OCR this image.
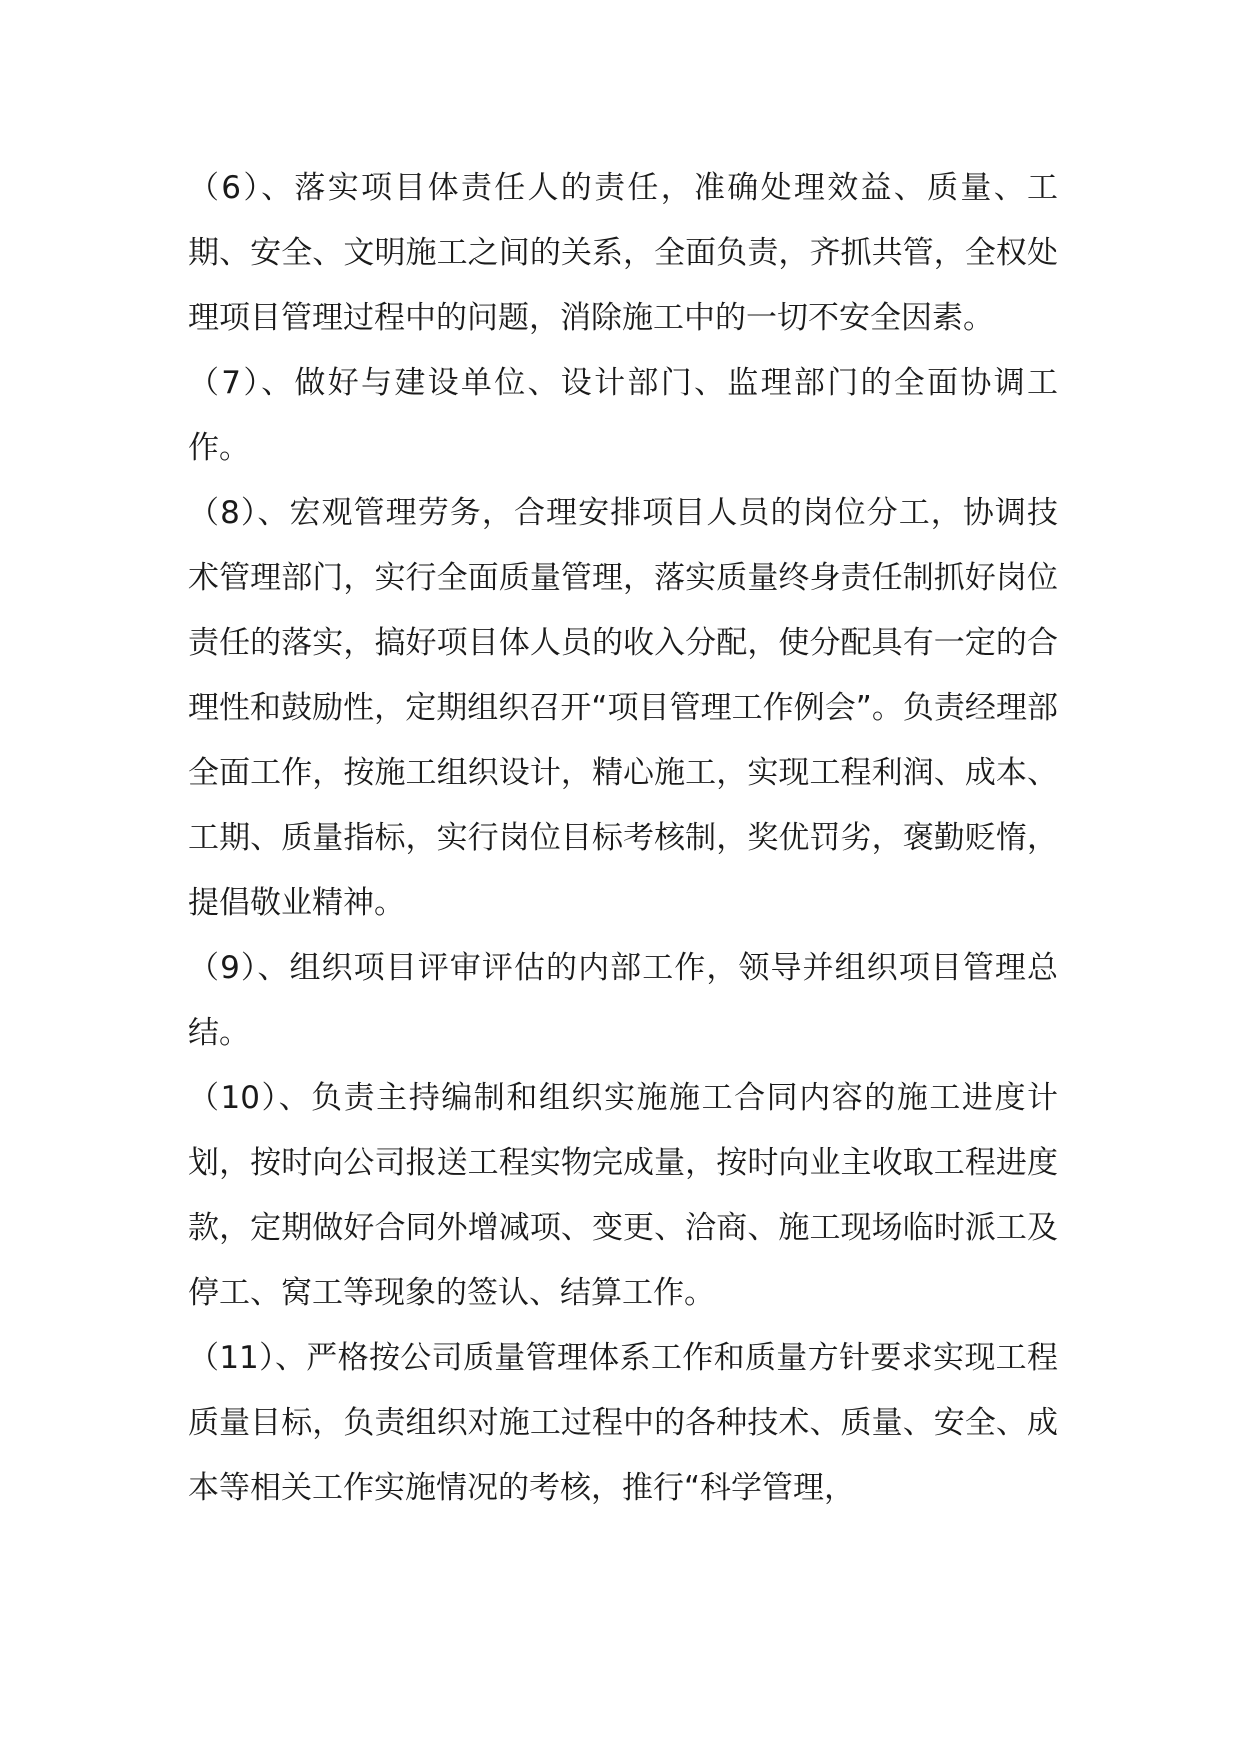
（6）、落实项目体责任人的责任，准确处理效益、质量、工期、安全、文明施工之间的关系，全面负责，齐抓共管，全权处理项目管理过程中的问题，消除施工中的一切不安全因素。

（7）、做好与建设单位、设计部门、监理部门的全面协调工作。

（8）、宏观管理劳务，合理安排项目人员的岗位分工，协调技术管理部门，实行全面质量管理，落实质量终身责任制抓好岗位责任的落实，搞好项目体人员的收入分配，使分配具有一定的合理性和鼓励性，定期组织召开“项目管理工作例会”。负责经理部全面工作，按施工组织设计，精心施工，实现工程利润、成本、工期、质量指标，实行岗位目标考核制，奖优罚劣，褒勤贬惰，提倡敬业精神。

（9）、组织项目评审评估的内部工作，领导并组织项目管理总结。

（10）、负责主持编制和组织实施施工合同内容的施工进度计划，按时向公司报送工程实物完成量，按时向业主收取工程进度款，定期做好合同外增减项、变更、洽商、施工现场临时派工及停工、窝工等现象的签认、结算工作。

（11）、严格按公司质量管理体系工作和质量方针要求实现工程质量目标，负责组织对施工过程中的各种技术、质量、安全、成本等相关工作实施情况的考核，推行“科学管理，
